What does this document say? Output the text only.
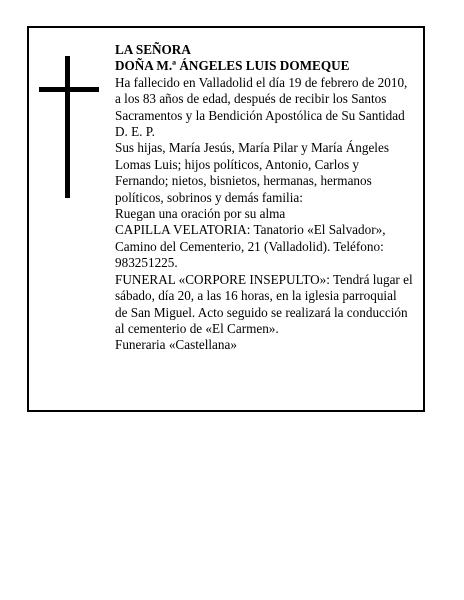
LA SEÑORA
DOÑA M.ª ÁNGELES LUIS DOMEQUE
Ha fallecido en Valladolid el día 19 de febrero de 2010,
a los 83 años de edad, después de recibir los Santos
Sacramentos y la Bendición Apostólica de Su Santidad
D. E. P.
Sus hijas, María Jesús, María Pilar y María Ángeles
Lomas Luis; hijos políticos, Antonio, Carlos y
Fernando; nietos, bisnietos, hermanas, hermanos
políticos, sobrinos y demás familia:
Ruegan una oración por su alma
CAPILLA VELATORIA: Tanatorio «El Salvador»,
Camino del Cementerio, 21 (Valladolid). Teléfono:
983251225.
FUNERAL «CORPORE INSEPULTO»: Tendrá lugar el
sábado, día 20, a las 16 horas, en la iglesia parroquial
de San Miguel. Acto seguido se realizará la conducción
al cementerio de «El Carmen».
Funeraria «Castellana»
